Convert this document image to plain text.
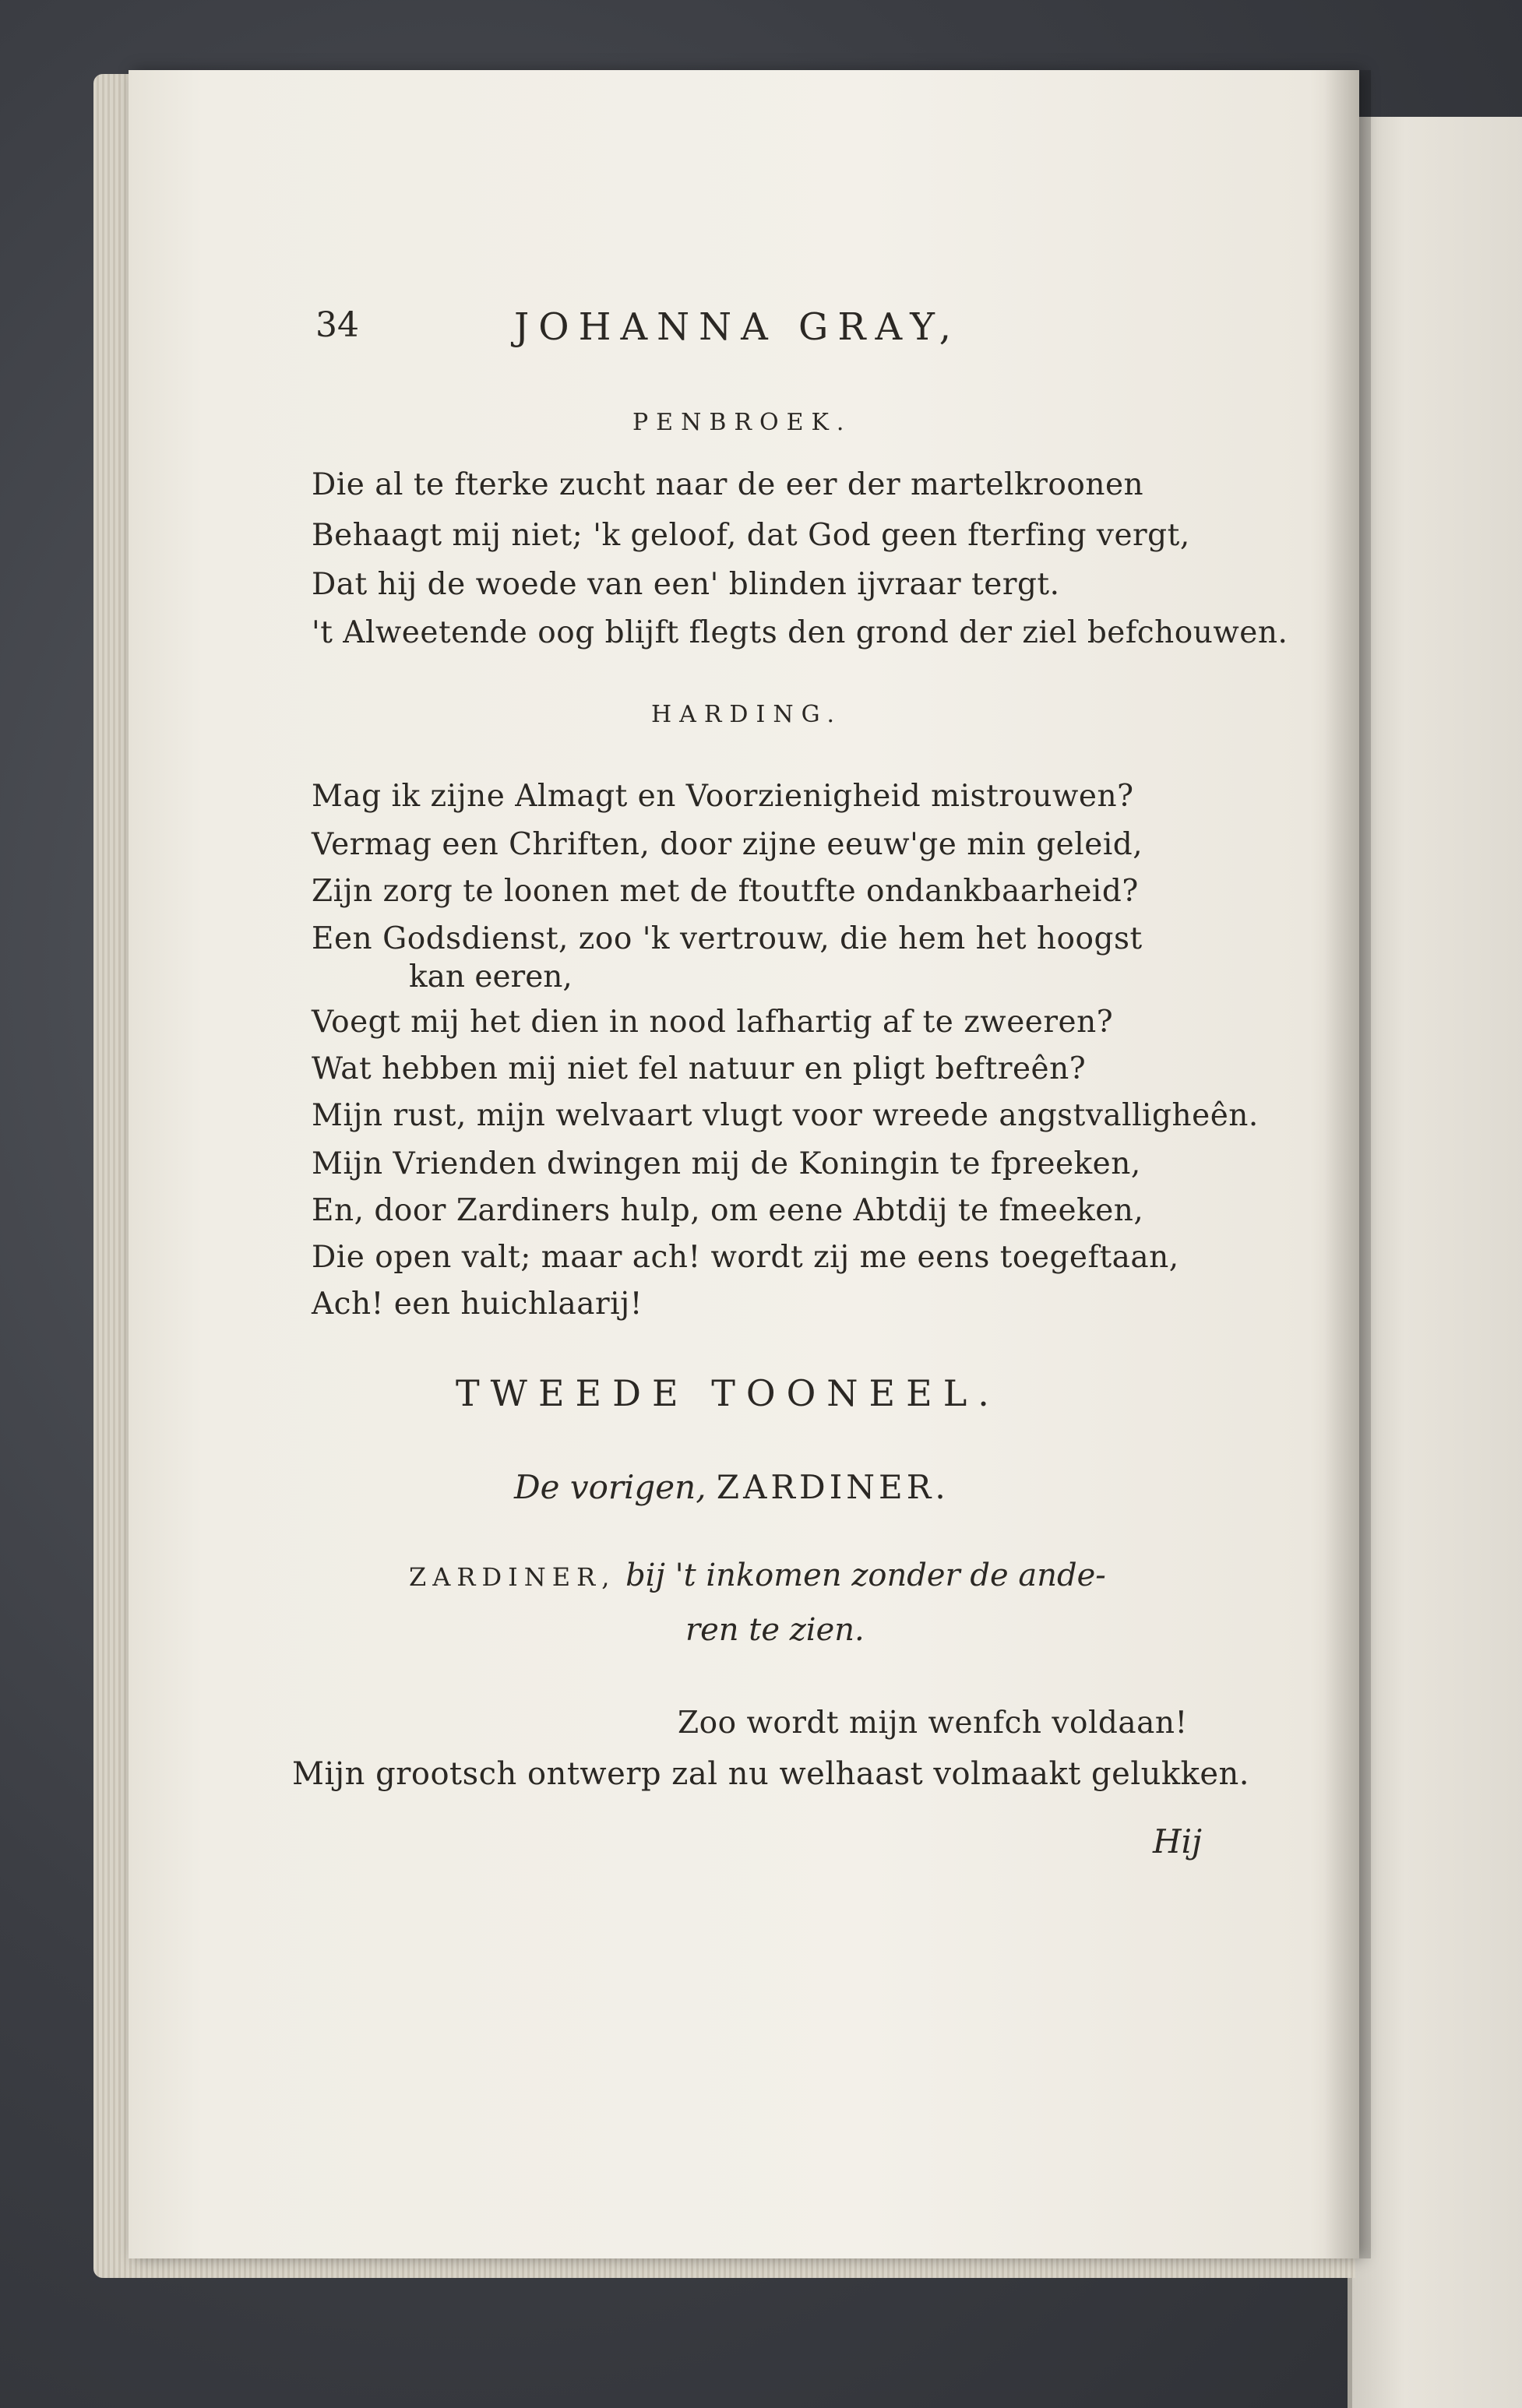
34	JOHANNA GRAY,
PENBROEK.
Die al te fterke zucht naar de eer der martelkroonen
Behaagt mij niet; 'k geloof, dat God geen fterfing vergt,
Dat hij de woede van een' blinden ijvraar tergt.
't Alweetende oog blijft flegts den grond der ziel befchouwen.
HARDING.
Mag ik zijne Almagt en Voorzienigheid mistrouwen?
Vermag een Chriften, door zijne eeuw'ge min geleid,
Zijn zorg te loonen met de ftoutfte ondankbaarheid?
Een Godsdienst, zoo 'k vertrouw, die hem het hoogst
kan eeren,
Voegt mij het dien in nood lafhartig af te zweeren?
Wat hebben mij niet fel natuur en pligt beftreên?
Mijn rust, mijn welvaart vlugt voor wreede angstvalligheên.
Mijn Vrienden dwingen mij de Koningin te fpreeken,
En, door Zardiners hulp, om eene Abtdij te fmeeken,
Die open valt; maar ach! wordt zij me eens toegeftaan,
Ach! een huichlaarij!
TWEEDE TOONEEL.
De vorigen, ZARDINER.
ZARDINER, bij 't inkomen zonder de ande-
ren te zien.
Zoo wordt mijn wenfch voldaan!
Mijn grootsch ontwerp zal nu welhaast volmaakt gelukken.
Hij
